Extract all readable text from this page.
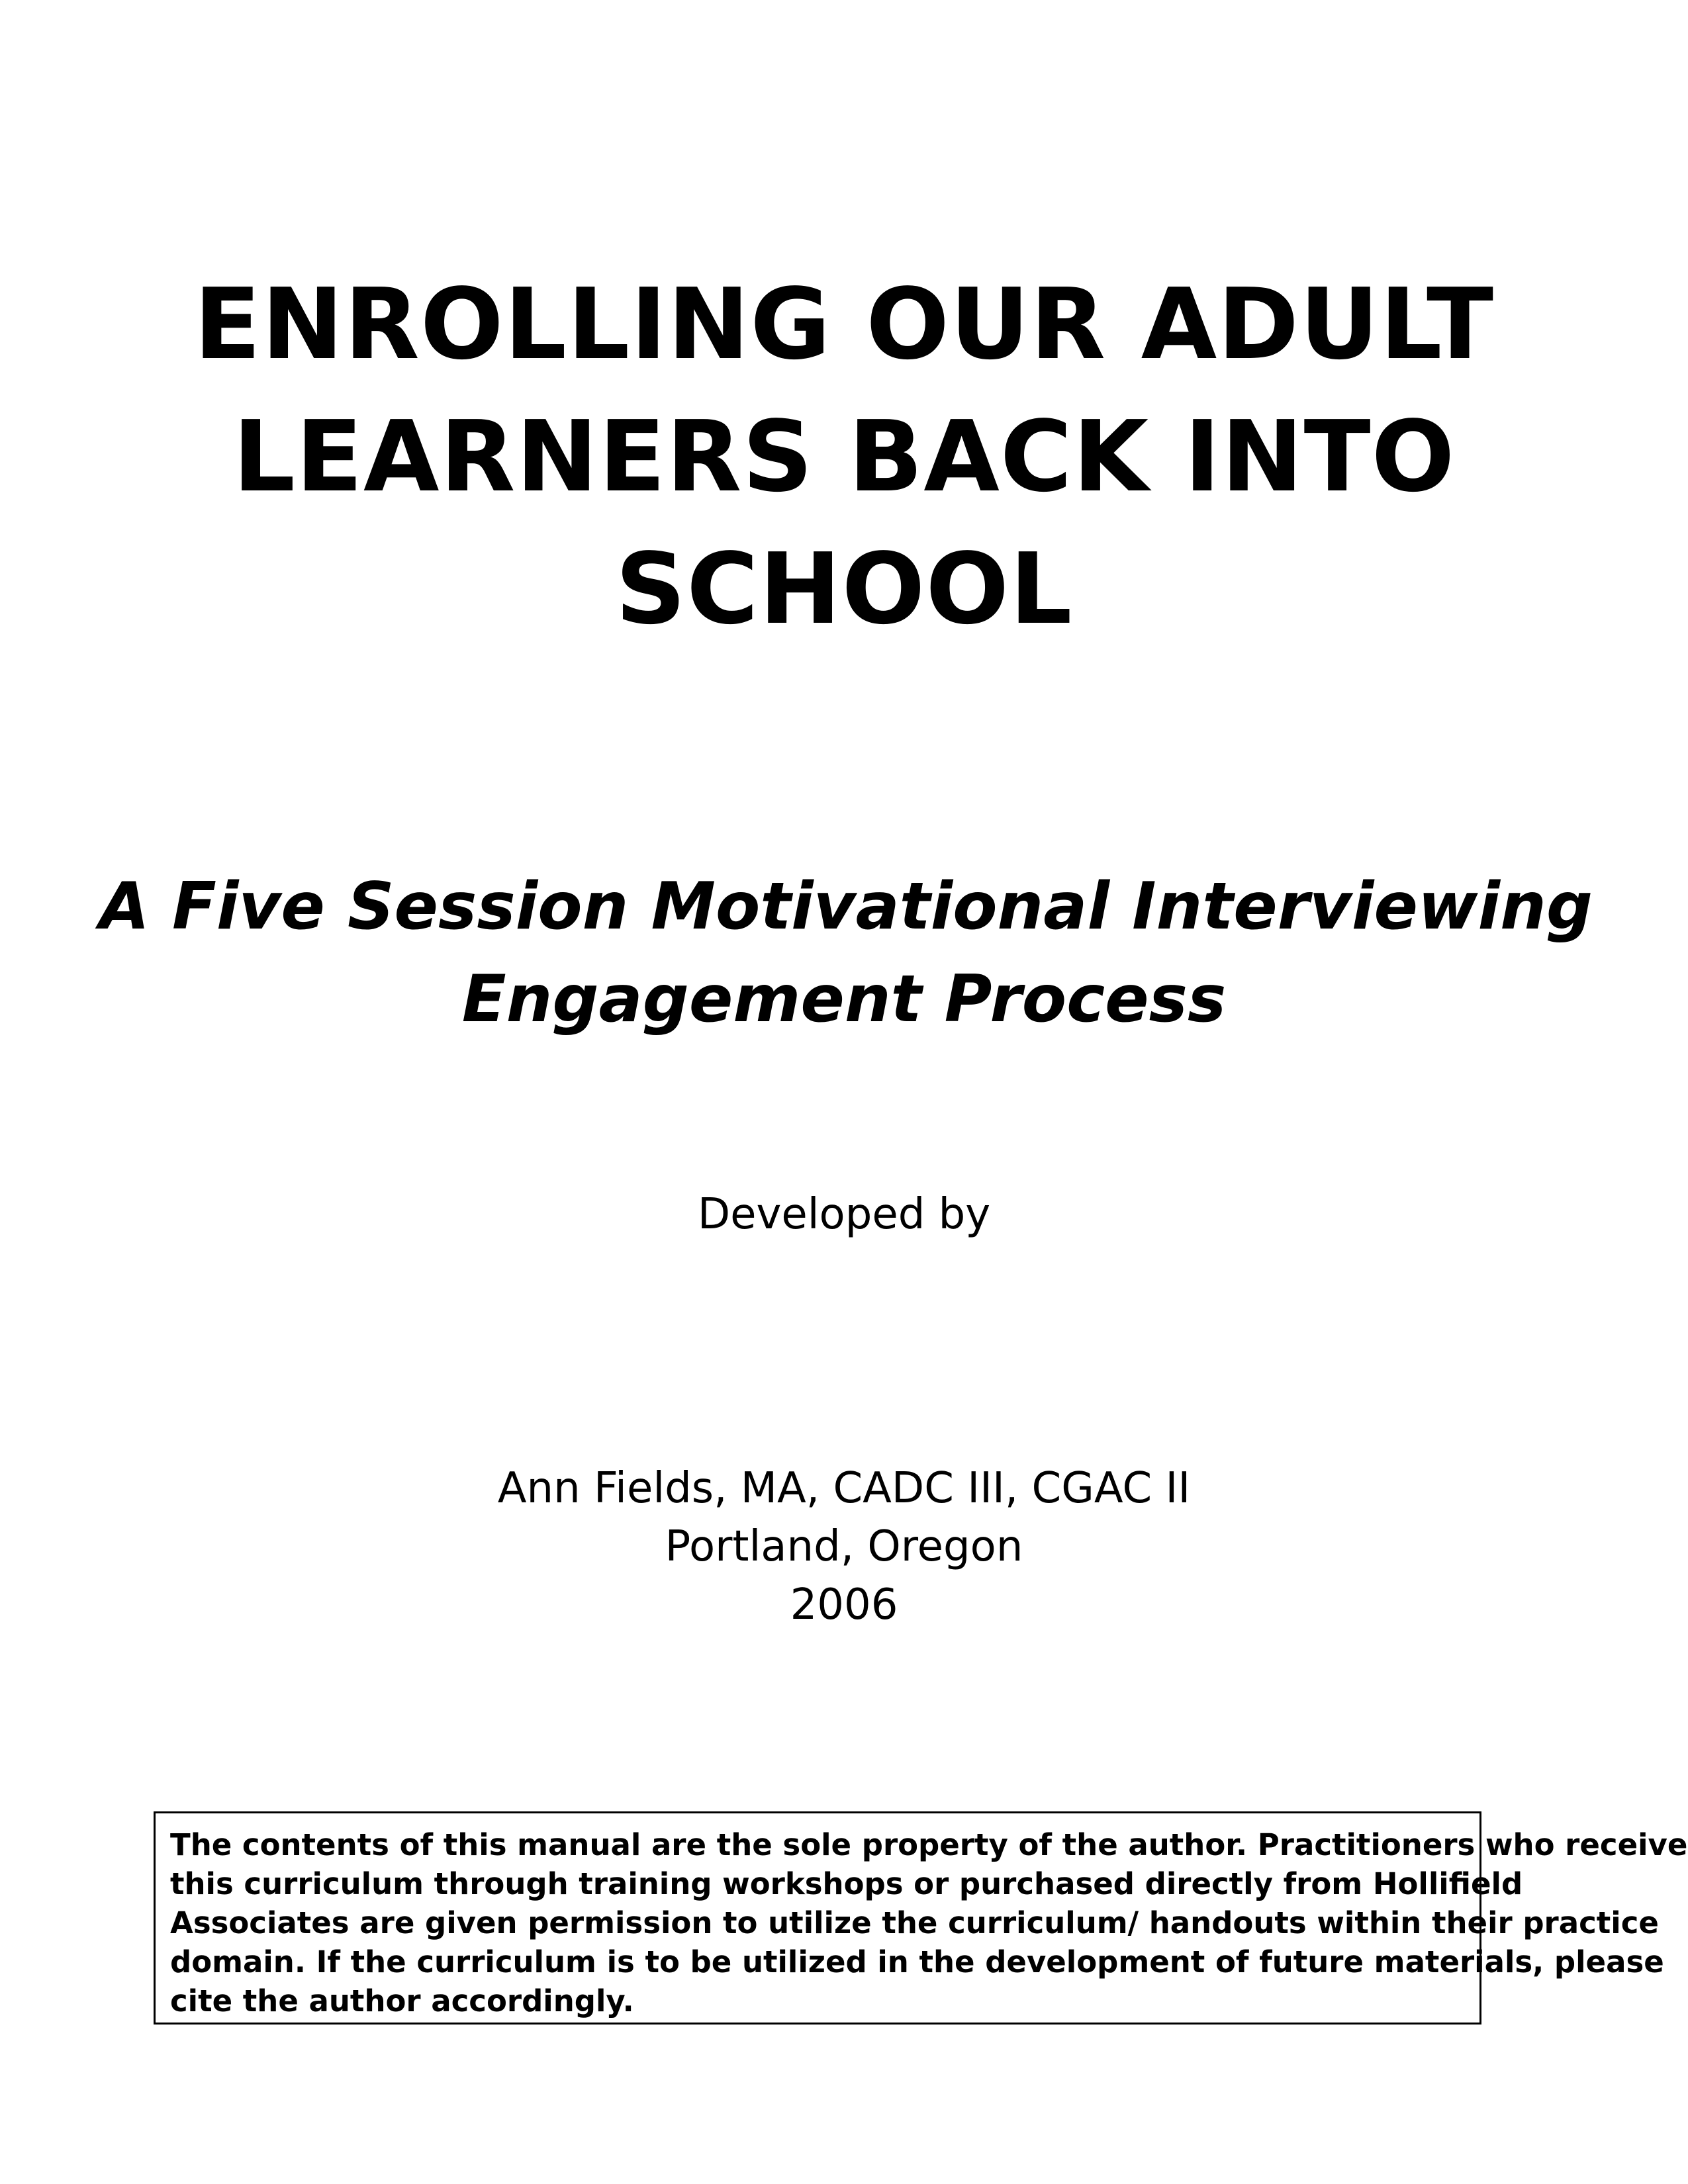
ENROLLING OUR ADULT
LEARNERS BACK INTO
SCHOOL
A Five Session Motivational Interviewing
Engagement Process
Developed by
Ann Fields, MA, CADC III, CGAC II
Portland, Oregon
2006
The contents of this manual are the sole property of the author. Practitioners who receive
this curriculum through training workshops or purchased directly from Hollifield
Associates are given permission to utilize the curriculum/ handouts within their practice
domain. If the curriculum is to be utilized in the development of future materials, please
cite the author accordingly.
